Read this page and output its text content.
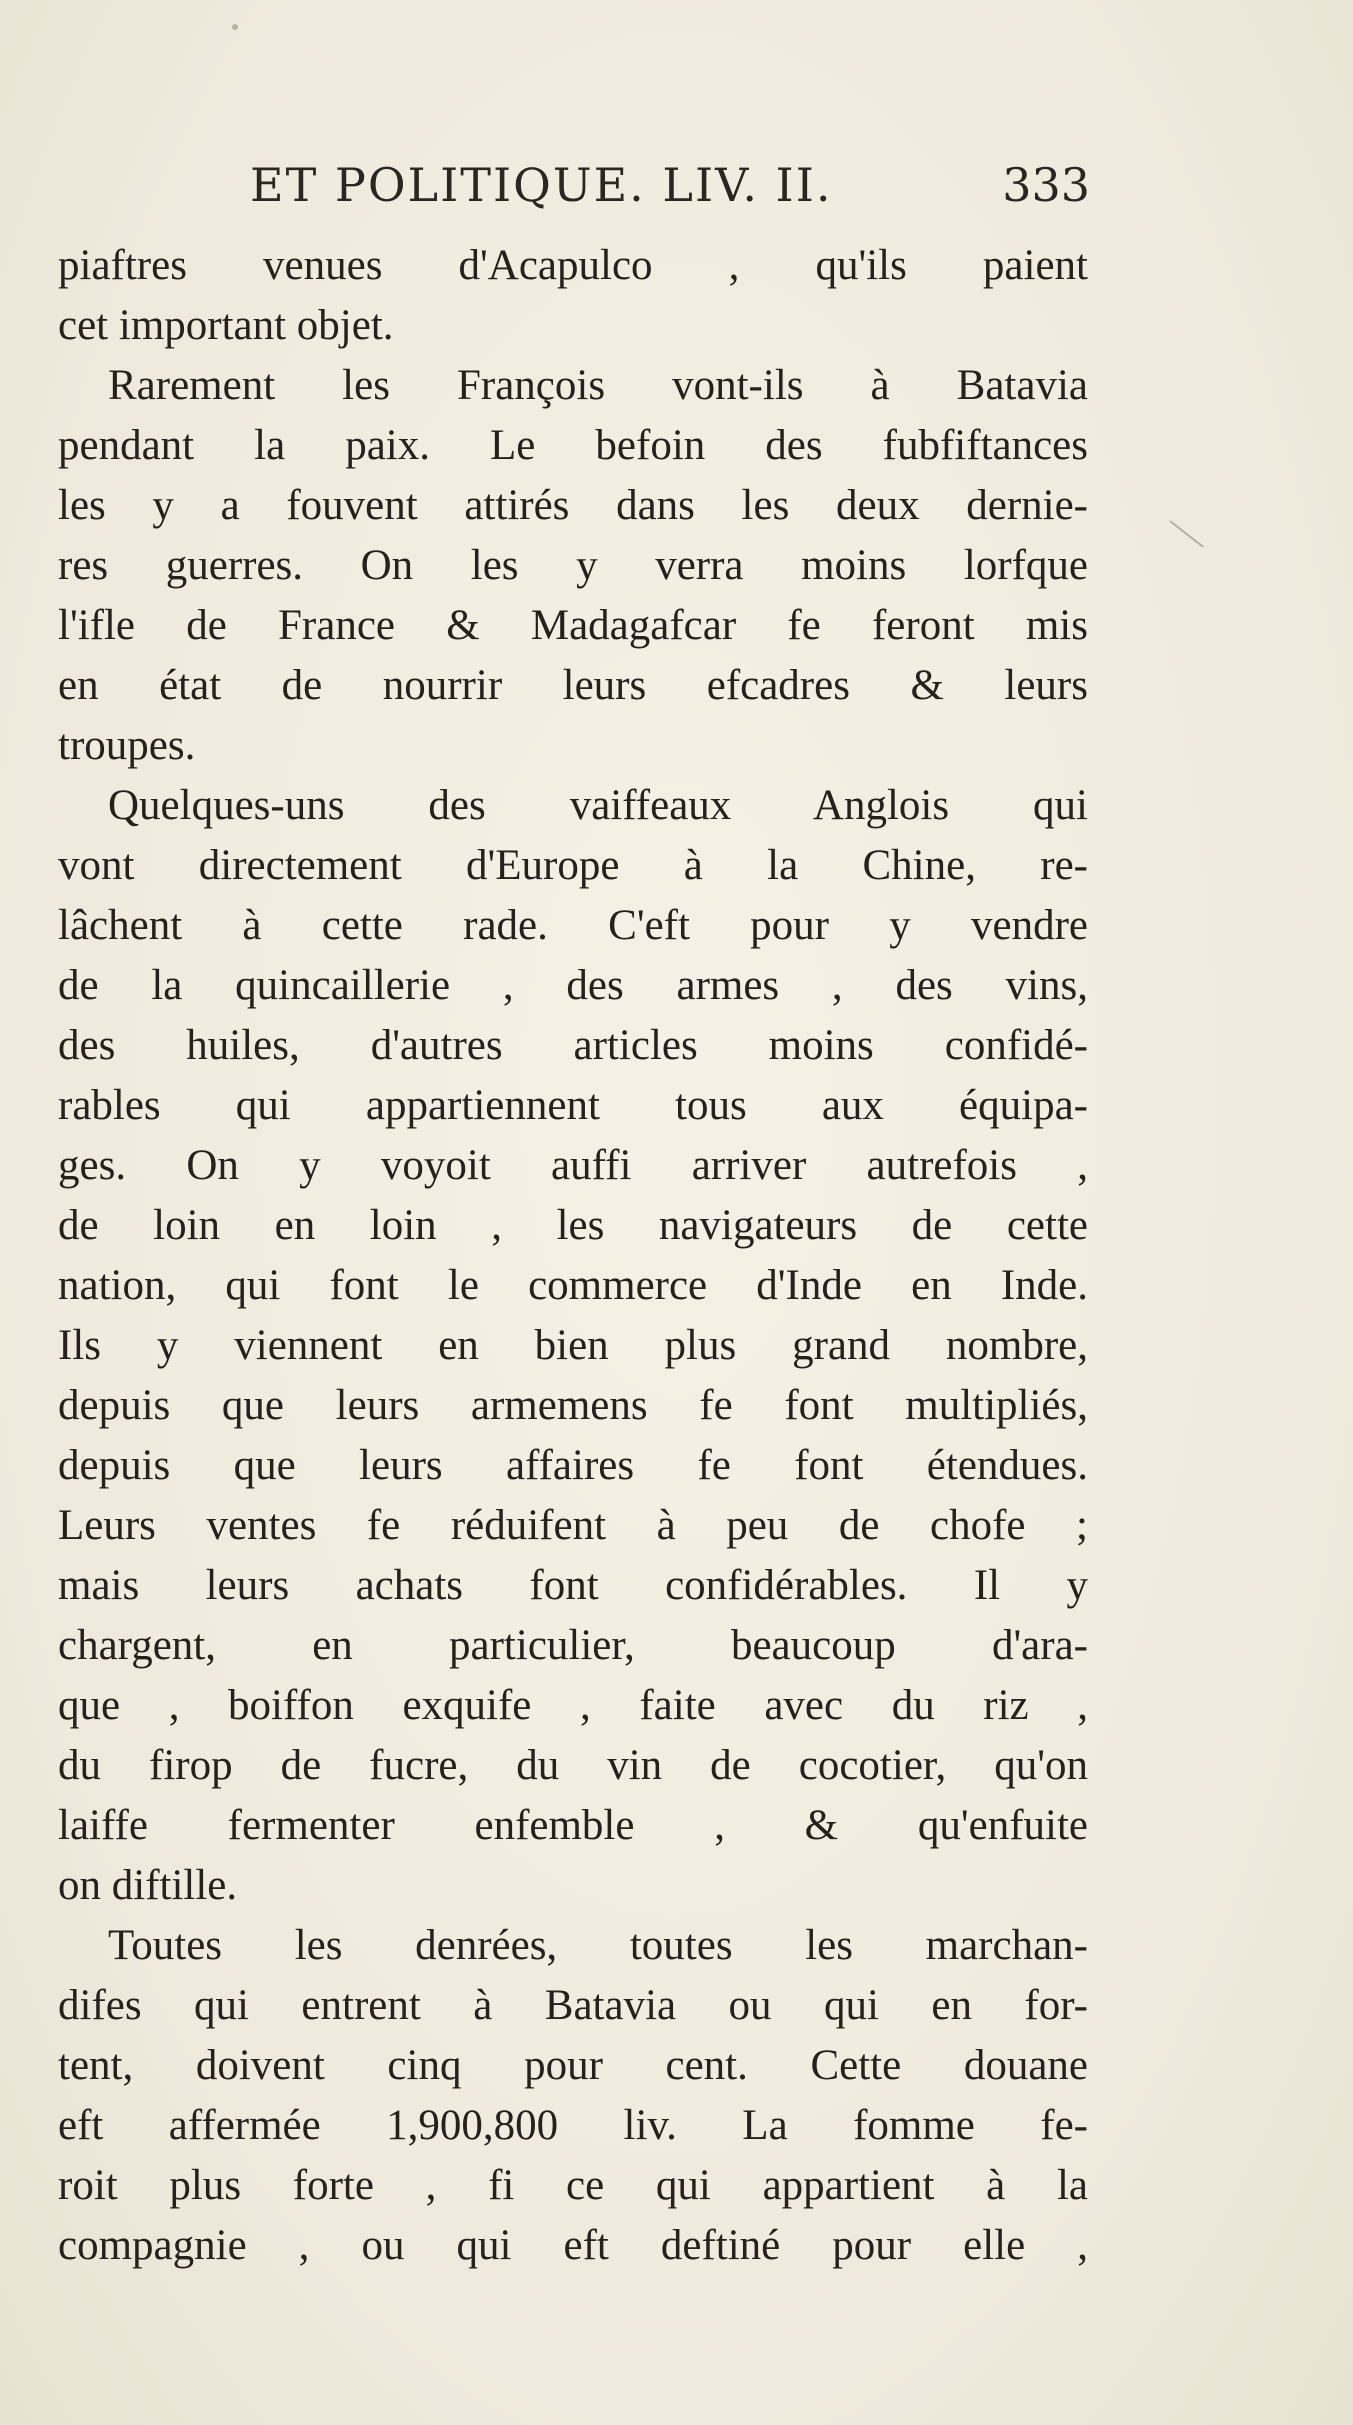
ET POLITIQUE. LIV. II.	333
piaftres venues d'Acapulco , qu'ils paient
cet important objet.
Rarement les François vont-ils à Batavia
pendant la paix. Le befoin des fubfiftances
les y a fouvent attirés dans les deux dernie-
res guerres. On les y verra moins lorfque
l'ifle de France & Madagafcar fe feront mis
en état de nourrir leurs efcadres & leurs
troupes.
Quelques-uns des vaiffeaux Anglois qui
vont directement d'Europe à la Chine, re-
lâchent à cette rade. C'eft pour y vendre
de la quincaillerie , des armes , des vins,
des huiles, d'autres articles moins confidé-
rables qui appartiennent tous aux équipa-
ges. On y voyoit auffi arriver autrefois ,
de loin en loin , les navigateurs de cette
nation, qui font le commerce d'Inde en Inde.
Ils y viennent en bien plus grand nombre,
depuis que leurs armemens fe font multipliés,
depuis que leurs affaires fe font étendues.
Leurs ventes fe réduifent à peu de chofe ;
mais leurs achats font confidérables. Il y
chargent, en particulier, beaucoup d'ara-
que , boiffon exquife , faite avec du riz ,
du firop de fucre, du vin de cocotier, qu'on
laiffe fermenter enfemble , & qu'enfuite
on diftille.
Toutes les denrées, toutes les marchan-
difes qui entrent à Batavia ou qui en for-
tent, doivent cinq pour cent. Cette douane
eft affermée 1,900,800 liv. La fomme fe-
roit plus forte , fi ce qui appartient à la
compagnie , ou qui eft deftiné pour elle ,
